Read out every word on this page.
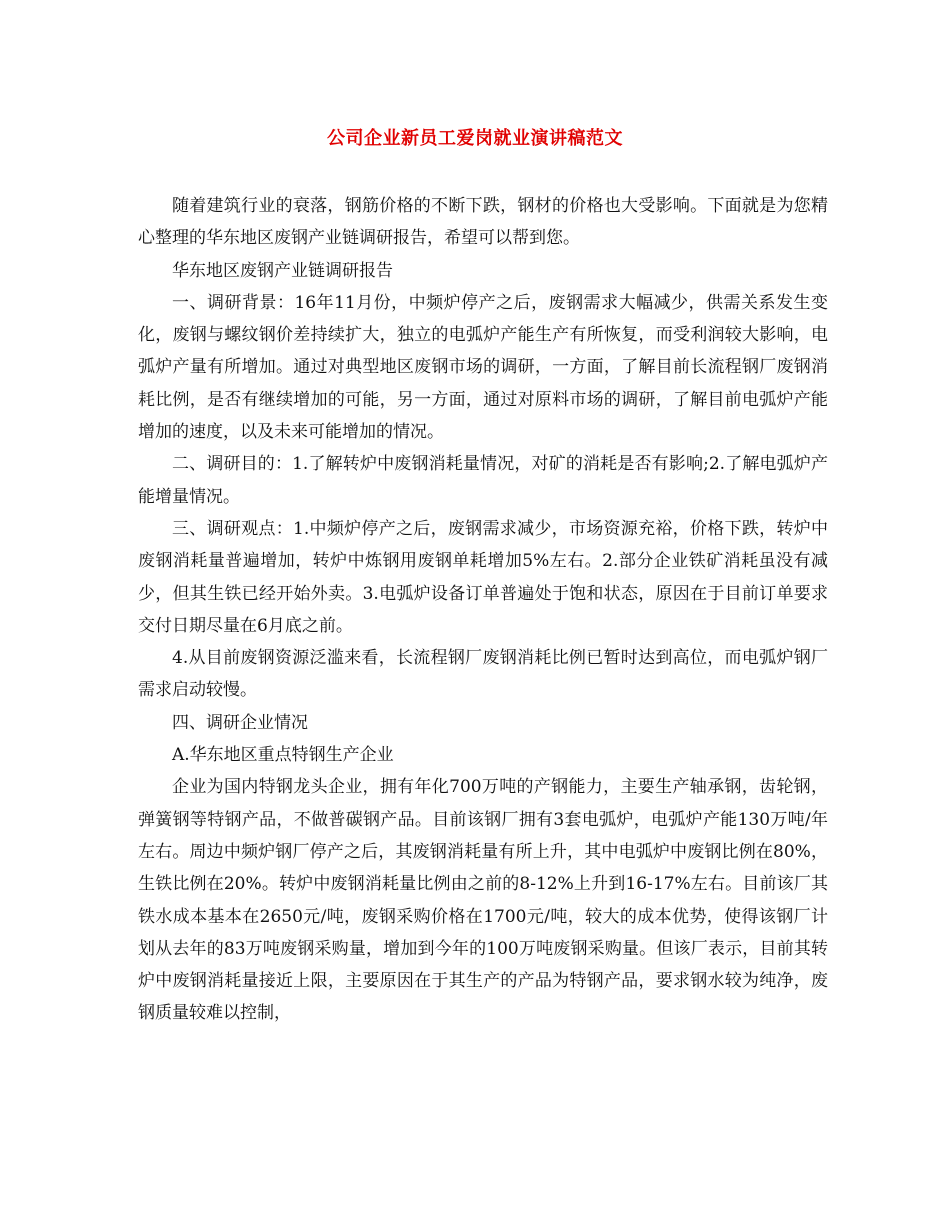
公司企业新员工爱岗就业演讲稿范文

随着建筑行业的衰落，钢筋价格的不断下跌，钢材的价格也大受影响。下面就是为您精心整理的华东地区废钢产业链调研报告，希望可以帮到您。

华东地区废钢产业链调研报告

一、调研背景：16年11月份，中频炉停产之后，废钢需求大幅减少，供需关系发生变化，废钢与螺纹钢价差持续扩大，独立的电弧炉产能生产有所恢复，而受利润较大影响，电弧炉产量有所增加。通过对典型地区废钢市场的调研，一方面，了解目前长流程钢厂废钢消耗比例，是否有继续增加的可能，另一方面，通过对原料市场的调研，了解目前电弧炉产能增加的速度，以及未来可能增加的情况。

二、调研目的：1.了解转炉中废钢消耗量情况，对矿的消耗是否有影响;2.了解电弧炉产能增量情况。

三、调研观点：1.中频炉停产之后，废钢需求减少，市场资源充裕，价格下跌，转炉中废钢消耗量普遍增加，转炉中炼钢用废钢单耗增加5%左右。2.部分企业铁矿消耗虽没有减少，但其生铁已经开始外卖。3.电弧炉设备订单普遍处于饱和状态，原因在于目前订单要求交付日期尽量在6月底之前。

4.从目前废钢资源泛滥来看，长流程钢厂废钢消耗比例已暂时达到高位，而电弧炉钢厂需求启动较慢。

四、调研企业情况

A.华东地区重点特钢生产企业

企业为国内特钢龙头企业，拥有年化700万吨的产钢能力，主要生产轴承钢，齿轮钢，弹簧钢等特钢产品，不做普碳钢产品。目前该钢厂拥有3套电弧炉，电弧炉产能130万吨/年左右。周边中频炉钢厂停产之后，其废钢消耗量有所上升，其中电弧炉中废钢比例在80%，生铁比例在20%。转炉中废钢消耗量比例由之前的8-12%上升到16-17%左右。目前该厂其铁水成本基本在2650元/吨，废钢采购价格在1700元/吨，较大的成本优势，使得该钢厂计划从去年的83万吨废钢采购量，增加到今年的100万吨废钢采购量。但该厂表示，目前其转炉中废钢消耗量接近上限，主要原因在于其生产的产品为特钢产品，要求钢水较为纯净，废钢质量较难以控制，
